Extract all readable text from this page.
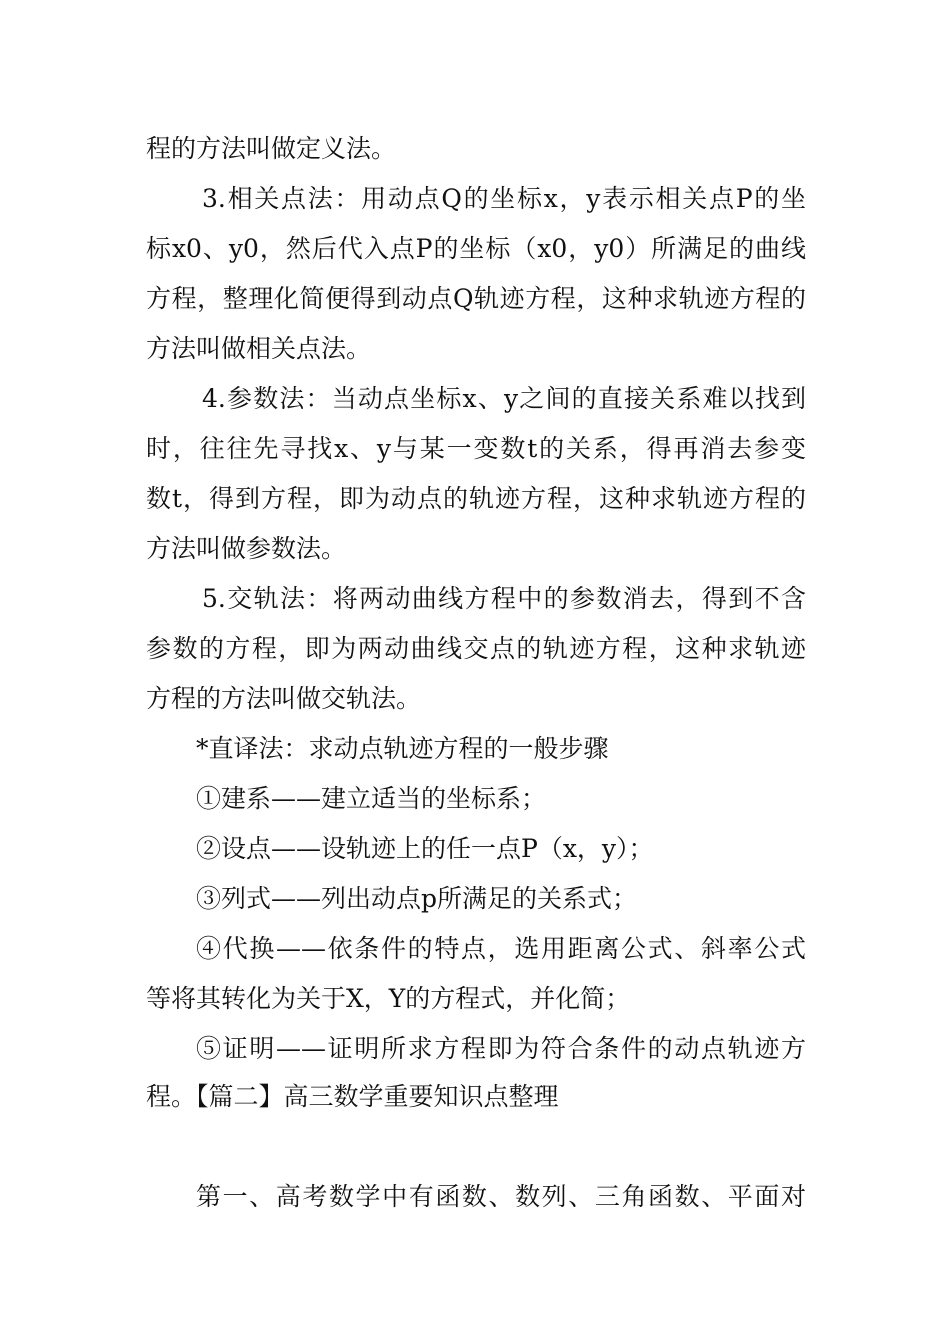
程的方法叫做定义法。
3.相关点法：用动点Q的坐标x，y表示相关点P的坐
标x0、y0，然后代入点P的坐标（x0，y0）所满足的曲线
方程，整理化简便得到动点Q轨迹方程，这种求轨迹方程的
方法叫做相关点法。
4.参数法：当动点坐标x、y之间的直接关系难以找到
时，往往先寻找x、y与某一变数t的关系，得再消去参变
数t，得到方程，即为动点的轨迹方程，这种求轨迹方程的
方法叫做参数法。
5.交轨法：将两动曲线方程中的参数消去，得到不含
参数的方程，即为两动曲线交点的轨迹方程，这种求轨迹
方程的方法叫做交轨法。
*直译法：求动点轨迹方程的一般步骤
①建系——建立适当的坐标系；
②设点——设轨迹上的任一点P（x，y）；
③列式——列出动点p所满足的关系式；
④代换——依条件的特点，选用距离公式、斜率公式
等将其转化为关于X，Y的方程式，并化简；
⑤证明——证明所求方程即为符合条件的动点轨迹方
程。【篇二】高三数学重要知识点整理
第一、高考数学中有函数、数列、三角函数、平面对
